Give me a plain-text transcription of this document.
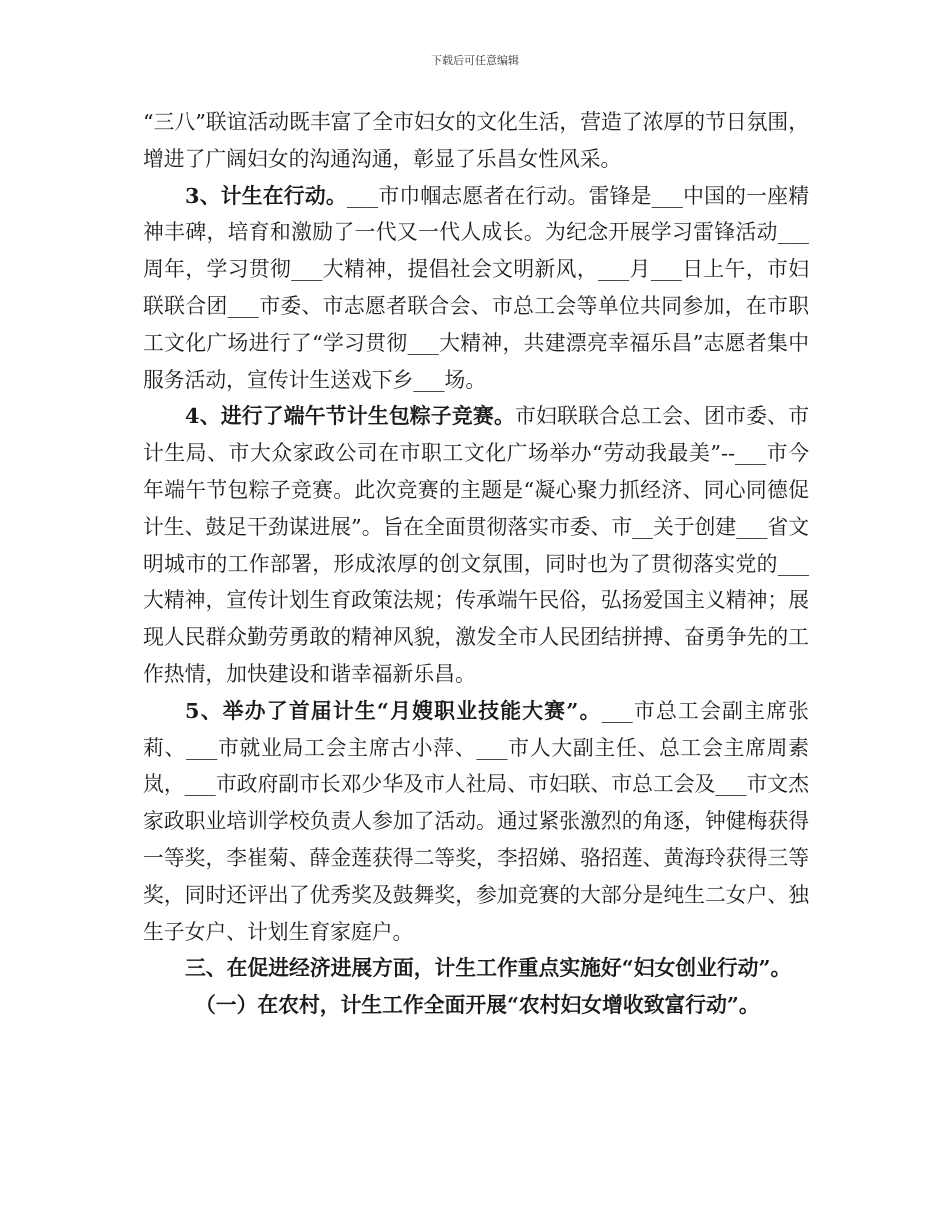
下载后可任意编辑

“三八”联谊活动既丰富了全市妇女的文化生活，营造了浓厚的节日氛围，增进了广阔妇女的沟通沟通，彰显了乐昌女性风采。

3、计生在行动。___市巾帼志愿者在行动。雷锋是___中国的一座精神丰碑，培育和激励了一代又一代人成长。为纪念开展学习雷锋活动___周年，学习贯彻___大精神，提倡社会文明新风，___月___日上午，市妇联联合团___市委、市志愿者联合会、市总工会等单位共同参加，在市职工文化广场进行了“学习贯彻___大精神，共建漂亮幸福乐昌”志愿者集中服务活动，宣传计生送戏下乡___场。

4、进行了端午节计生包粽子竞赛。市妇联联合总工会、团市委、市计生局、市大众家政公司在市职工文化广场举办“劳动我最美”--___市今年端午节包粽子竞赛。此次竞赛的主题是“凝心聚力抓经济、同心同德促计生、鼓足干劲谋进展”。旨在全面贯彻落实市委、市__关于创建___省文明城市的工作部署，形成浓厚的创文氛围，同时也为了贯彻落实党的___大精神，宣传计划生育政策法规；传承端午民俗，弘扬爱国主义精神；展现人民群众勤劳勇敢的精神风貌，激发全市人民团结拼搏、奋勇争先的工作热情，加快建设和谐幸福新乐昌。

5、举办了首届计生“月嫂职业技能大赛”。___市总工会副主席张莉、___市就业局工会主席古小萍、___市人大副主任、总工会主席周素岚，___市政府副市长邓少华及市人社局、市妇联、市总工会及___市文杰家政职业培训学校负责人参加了活动。通过紧张激烈的角逐，钟健梅获得一等奖，李崔菊、薛金莲获得二等奖，李招娣、骆招莲、黄海玲获得三等奖，同时还评出了优秀奖及鼓舞奖，参加竞赛的大部分是纯生二女户、独生子女户、计划生育家庭户。

三、在促进经济进展方面，计生工作重点实施好“妇女创业行动”。

（一）在农村，计生工作全面开展“农村妇女增收致富行动”。
